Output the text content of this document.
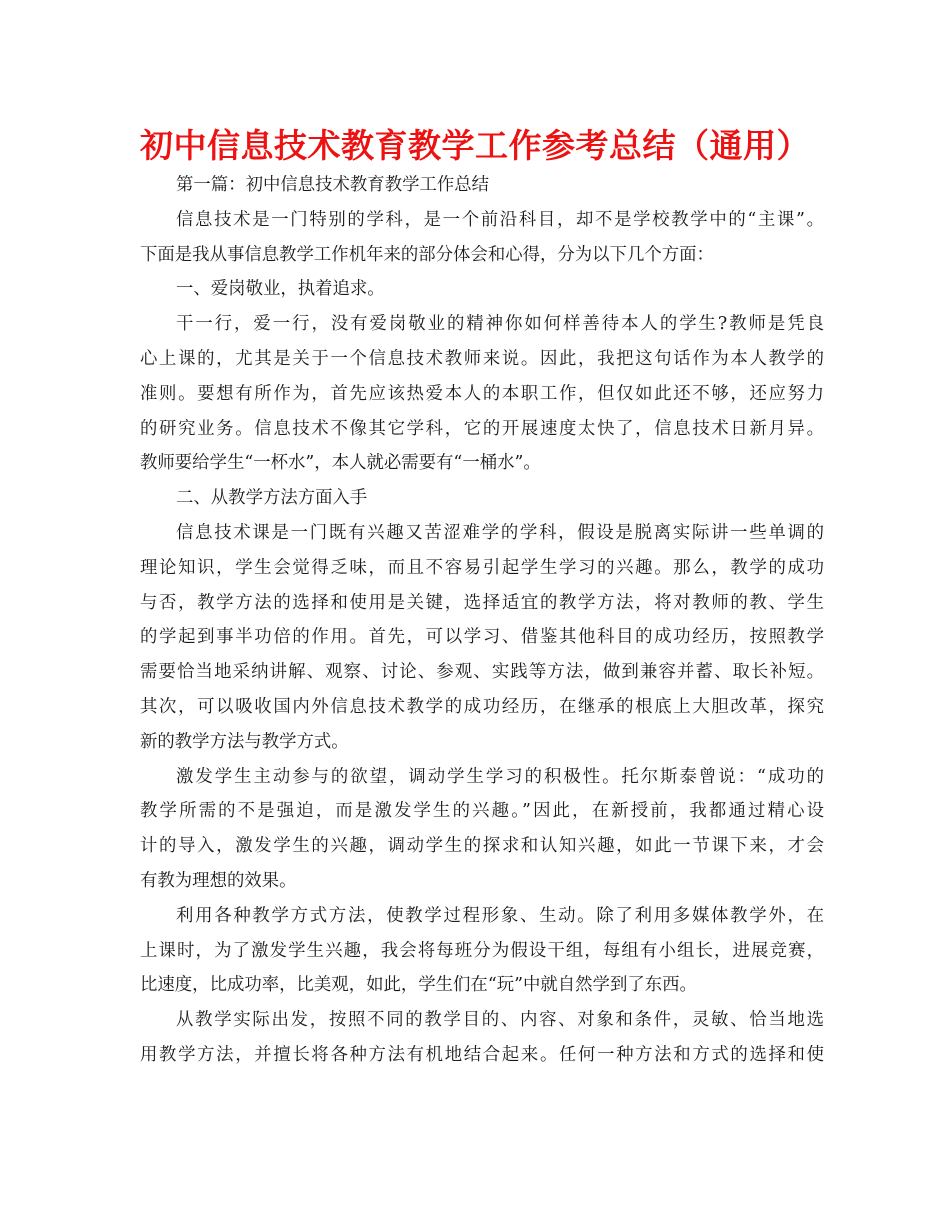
初中信息技术教育教学工作参考总结（通用）
第一篇：初中信息技术教育教学工作总结
信息技术是一门特别的学科，是一个前沿科目，却不是学校教学中的“主课”。
下面是我从事信息教学工作机年来的部分体会和心得，分为以下几个方面：
一、爱岗敬业，执着追求。
干一行，爱一行，没有爱岗敬业的精神你如何样善待本人的学生?教师是凭良
心上课的，尤其是关于一个信息技术教师来说。因此，我把这句话作为本人教学的
准则。要想有所作为，首先应该热爱本人的本职工作，但仅如此还不够，还应努力
的研究业务。信息技术不像其它学科，它的开展速度太快了，信息技术日新月异。
教师要给学生“一杯水”，本人就必需要有“一桶水”。
二、从教学方法方面入手
信息技术课是一门既有兴趣又苦涩难学的学科，假设是脱离实际讲一些单调的
理论知识，学生会觉得乏味，而且不容易引起学生学习的兴趣。那么，教学的成功
与否，教学方法的选择和使用是关键，选择适宜的教学方法，将对教师的教、学生
的学起到事半功倍的作用。首先，可以学习、借鉴其他科目的成功经历，按照教学
需要恰当地采纳讲解、观察、讨论、参观、实践等方法，做到兼容并蓄、取长补短。
其次，可以吸收国内外信息技术教学的成功经历，在继承的根底上大胆改革，探究
新的教学方法与教学方式。
激发学生主动参与的欲望，调动学生学习的积极性。托尔斯泰曾说：“成功的
教学所需的不是强迫，而是激发学生的兴趣。”因此，在新授前，我都通过精心设
计的导入，激发学生的兴趣，调动学生的探求和认知兴趣，如此一节课下来，才会
有教为理想的效果。
利用各种教学方式方法，使教学过程形象、生动。除了利用多媒体教学外，在
上课时，为了激发学生兴趣，我会将每班分为假设干组，每组有小组长，进展竞赛，
比速度，比成功率，比美观，如此，学生们在“玩”中就自然学到了东西。
从教学实际出发，按照不同的教学目的、内容、对象和条件，灵敏、恰当地选
用教学方法，并擅长将各种方法有机地结合起来。任何一种方法和方式的选择和使
